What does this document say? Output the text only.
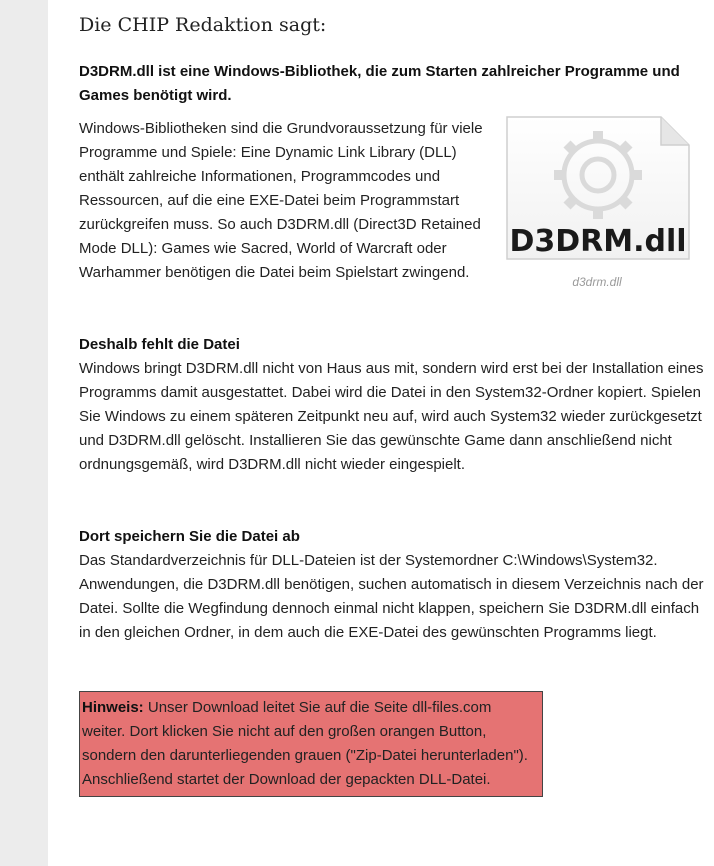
Die CHIP Redaktion sagt:

D3DRM.dll ist eine Windows-Bibliothek, die zum Starten zahlreicher Programme und Games benötigt wird.

Windows-Bibliotheken sind die Grundvoraussetzung für viele Programme und Spiele: Eine Dynamic Link Library (DLL) enthält zahlreiche Informationen, Programmcodes und Ressourcen, auf die eine EXE-Datei beim Programmstart zurückgreifen muss. So auch D3DRM.dll (Direct3D Retained Mode DLL): Games wie Sacred, World of Warcraft oder Warhammer benötigen die Datei beim Spielstart zwingend.

D3DRM.dll
d3drm.dll
Deshalb fehlt die Datei

Windows bringt D3DRM.dll nicht von Haus aus mit, sondern wird erst bei der Installation eines Programms damit ausgestattet. Dabei wird die Datei in den System32-Ordner kopiert. Spielen Sie Windows zu einem späteren Zeitpunkt neu auf, wird auch System32 wieder zurückgesetzt und D3DRM.dll gelöscht. Installieren Sie das gewünschte Game dann anschließend nicht ordnungsgemäß, wird D3DRM.dll nicht wieder eingespielt.

Dort speichern Sie die Datei ab

Das Standardverzeichnis für DLL-Dateien ist der Systemordner C:\Windows\System32. Anwendungen, die D3DRM.dll benötigen, suchen automatisch in diesem Verzeichnis nach der Datei. Sollte die Wegfindung dennoch einmal nicht klappen, speichern Sie D3DRM.dll einfach in den gleichen Ordner, in dem auch die EXE-Datei des gewünschten Programms liegt.

Hinweis: Unser Download leitet Sie auf die Seite dll-files.com weiter. Dort klicken Sie nicht auf den großen orangen Button, sondern den darunterliegenden grauen ("Zip-Datei herunterladen"). Anschließend startet der Download der gepackten DLL-Datei.
